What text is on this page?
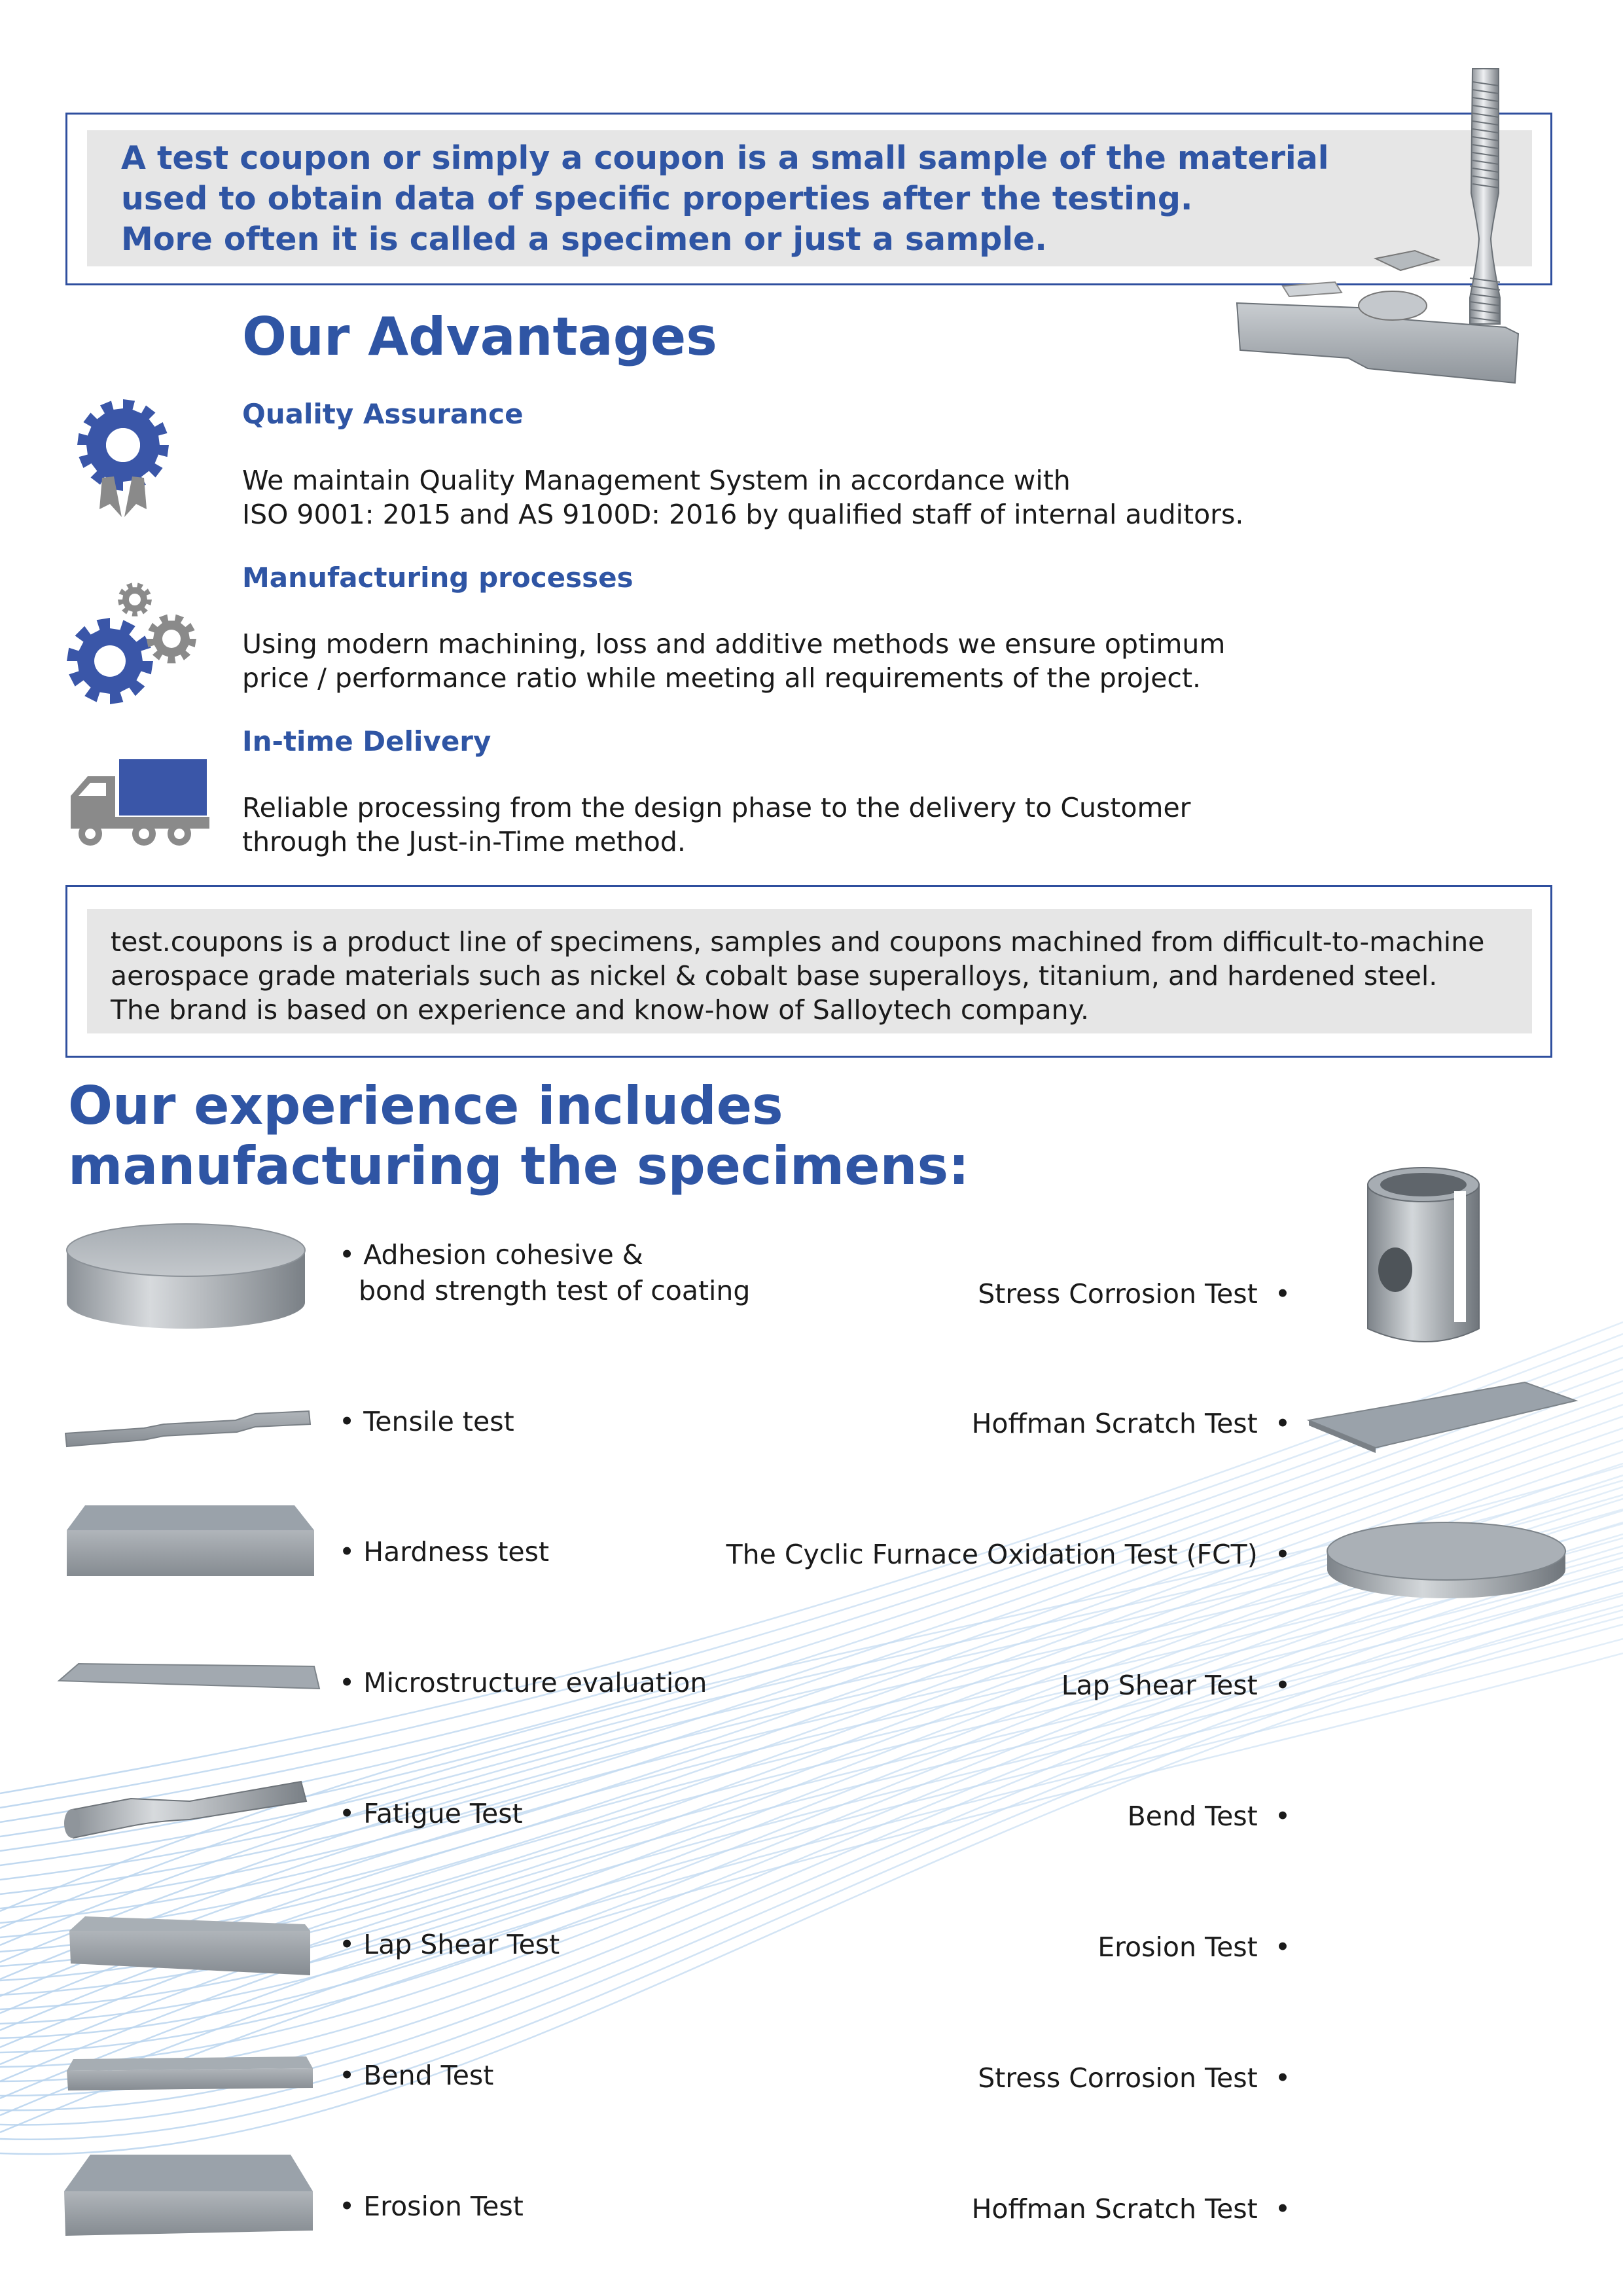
A test coupon or simply a coupon is a small sample of the material
used to obtain data of specific properties after the testing.
More often it is called a specimen or just a sample.
Our Advantages
Quality Assurance
We maintain Quality Management System in accordance with
ISO 9001: 2015 and AS 9100D: 2016 by qualified staff of internal auditors.
Manufacturing processes
Using modern machining, loss and additive methods we ensure optimum
price / performance ratio while meeting all requirements of the project.
In-time Delivery
Reliable processing from the design phase to the delivery to Customer
through the Just-in-Time method.
test.coupons is a product line of specimens, samples and coupons machined from difficult-to-machine
aerospace grade materials such as nickel & cobalt base superalloys, titanium, and hardened steel.
The brand is based on experience and know-how of Salloytech company.
Our experience includes
manufacturing the specimens:
• Adhesion cohesive &
bond strength test of coating
• Tensile test
• Hardness test
• Microstructure evaluation
• Fatigue Test
• Lap Shear Test
• Bend Test
• Erosion Test
Stress Corrosion Test •
Hoffman Scratch Test •
The Cyclic Furnace Oxidation Test (FCT) •
Lap Shear Test •
Bend Test •
Erosion Test •
Stress Corrosion Test •
Hoffman Scratch Test •
